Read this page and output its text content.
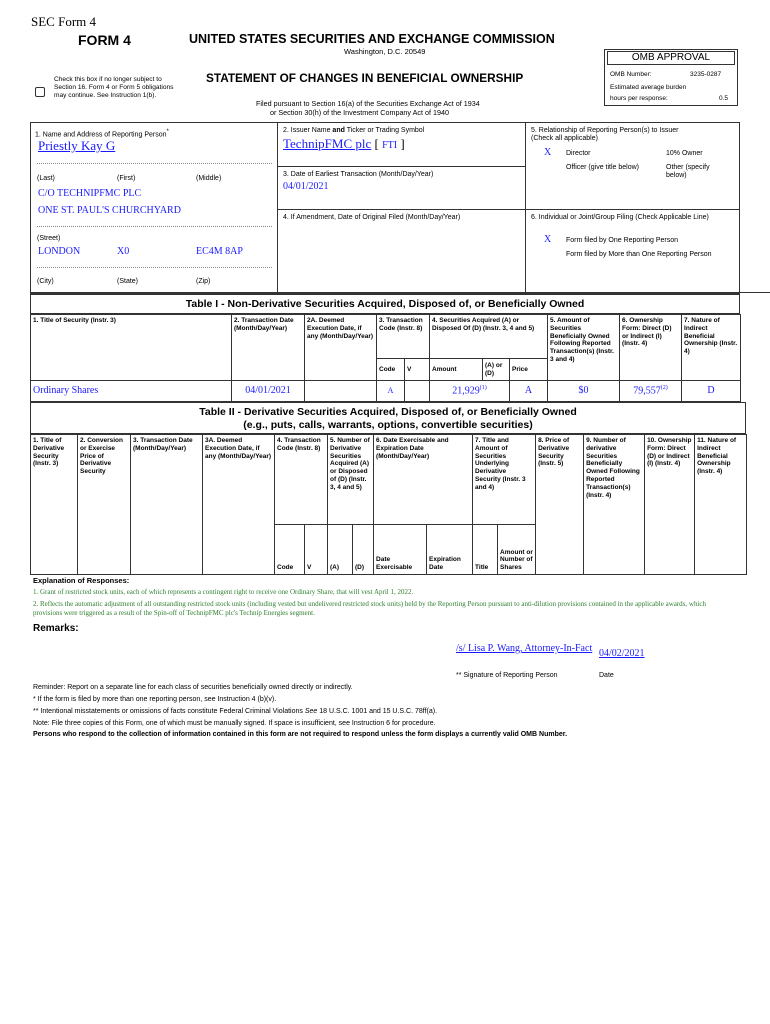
SEC Form 4
FORM 4	UNITED STATES SECURITIES AND EXCHANGE COMMISSION
Washington, D.C. 20549
Check this box if no longer subject to Section 16. Form 4 or Form 5 obligations may continue. See Instruction 1(b).
STATEMENT OF CHANGES IN BENEFICIAL OWNERSHIP
Filed pursuant to Section 16(a) of the Securities Exchange Act of 1934
or Section 30(h) of the Investment Company Act of 1940
OMB APPROVAL
OMB Number:	3235-0287
Estimated average burden
hours per response:	0.5
1. Name and Address of Reporting Person*
Priestly Kay G
(Last)	(First)	(Middle)
C/O TECHNIPFMC PLC
ONE ST. PAUL'S CHURCHYARD
(Street)
LONDON	X0	EC4M 8AP
(City)	(State)	(Zip)
2. Issuer Name and Ticker or Trading Symbol
TechnipFMC plc [ FTI ]
3. Date of Earliest Transaction (Month/Day/Year)
04/01/2021
4. If Amendment, Date of Original Filed (Month/Day/Year)
5. Relationship of Reporting Person(s) to Issuer
(Check all applicable)
X Director	10% Owner
Officer (give title below)	Other (specify below)
6. Individual or Joint/Group Filing (Check Applicable Line)
X Form filed by One Reporting Person
Form filed by More than One Reporting Person
Table I - Non-Derivative Securities Acquired, Disposed of, or Beneficially Owned
1. Title of Security (Instr. 3)	2. Transaction Date (Month/Day/Year)	2A. Deemed Execution Date, if any (Month/Day/Year)	3. Transaction Code (Instr. 8)		4. Securities Acquired (A) or Disposed Of (D) (Instr. 3, 4 and 5)			5. Amount of Securities Beneficially Owned Following Reported Transaction(s) (Instr. 3 and 4)	6. Ownership Form: Direct (D) or Indirect (I) (Instr. 4)	7. Nature of Indirect Beneficial Ownership (Instr. 4)	
			Code	V	Amount	(A) or (D)	Price				
Ordinary Shares	04/01/2021		A		21,929$^{(1)}$		A	$0	79,557$^{(2)}$	D	
Table II - Derivative Securities Acquired, Disposed of, or Beneficially Owned
(e.g., puts, calls, warrants, options, convertible securities)
1. Title of Derivative Security (Instr. 3)	2. Conversion or Exercise Price of Derivative Security	3. Transaction Date (Month/Day/Year)	3A. Deemed Execution Date, if any (Month/Day/Year)	4. Transaction Code (Instr. 8)		5. Number of Derivative Securities Acquired (A) or Disposed of (D) (Instr. 3, 4 and 5)		6. Date Exercisable and Expiration Date (Month/Day/Year)		7. Title and Amount of Securities Underlying Derivative Security (Instr. 3 and 4)		8. Price of Derivative Security (Instr. 5)	9. Number of derivative Securities Beneficially Owned Following Reported Transaction(s) (Instr. 4)	10. Ownership Form: Direct (D) or Indirect (I) (Instr. 4)	11. Nature of Indirect Beneficial Ownership (Instr. 4)
				Code	V	(A)	(D)	Date Exercisable	Expiration Date	Title	Amount or Number of Shares				
Explanation of Responses:
1. Grant of restricted stock units, each of which represents a contingent right to receive one Ordinary Share, that will vest April 1, 2022.
2. Reflects the automatic adjustment of all outstanding restricted stock units (including vested but undelivered restricted stock units) held by the Reporting Person pursuant to anti-dilution provisions contained in the applicable awards, which provisions were triggered as a result of the Spin-off of TechnipFMC plc's Technip Energies segment.
Remarks:
/s/ Lisa P. Wang, Attorney-In-Fact 04/02/2021
** Signature of Reporting Person	Date
Reminder: Report on a separate line for each class of securities beneficially owned directly or indirectly.
* If the form is filed by more than one reporting person, see Instruction 4 (b)(v).
** Intentional misstatements or omissions of facts constitute Federal Criminal Violations See 18 U.S.C. 1001 and 15 U.S.C. 78ff(a).
Note: File three copies of this Form, one of which must be manually signed. If space is insufficient, see Instruction 6 for procedure.
Persons who respond to the collection of information contained in this form are not required to respond unless the form displays a currently valid OMB Number.
